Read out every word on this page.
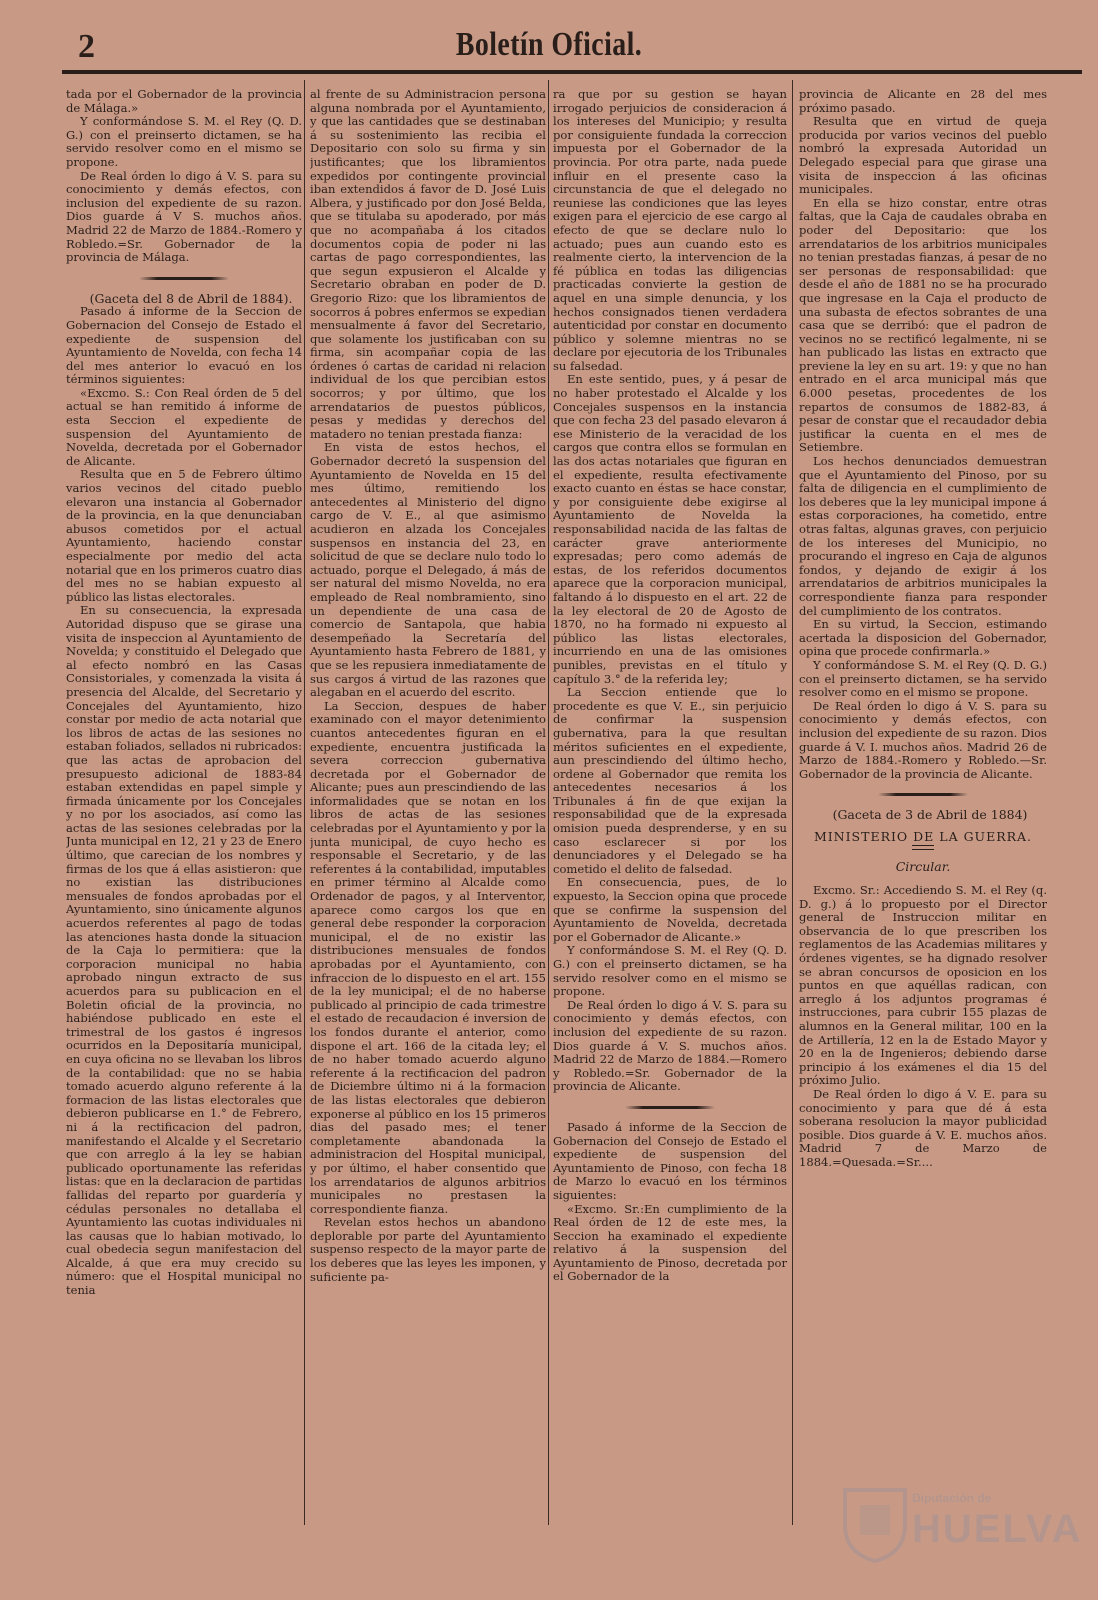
2	Boletín Oficial.

tada por el Gobernador de la provincia de Málaga.»

Y conformándose S. M. el Rey (Q. D. G.) con el preinserto dictamen, se ha servido resolver como en el mismo se propone.

De Real órden lo digo á V. S. para su conocimiento y demás efectos, con inclusion del expediente de su razon. Dios guarde á V S. muchos años. Madrid 22 de Marzo de 1884.-Romero y Robledo.=Sr. Gobernador de la provincia de Málaga.

(Gaceta del 8 de Abril de 1884).

Pasado á informe de la Seccion de Gobernacion del Consejo de Estado el expediente de suspension del Ayuntamiento de Novelda, con fecha 14 del mes anterior lo evacuó en los términos siguientes:

«Excmo. S.: Con Real órden de 5 del actual se han remitido á informe de esta Seccion el expediente de suspension del Ayuntamiento de Novelda, decretada por el Gobernador de Alicante.

Resulta que en 5 de Febrero último varios vecinos del citado pueblo elevaron una instancia al Gobernador de la provincia, en la que denunciaban abusos cometidos por el actual Ayuntamiento, haciendo constar especialmente por medio del acta notarial que en los primeros cuatro dias del mes no se habian expuesto al público las listas electorales.

En su consecuencia, la expresada Autoridad dispuso que se girase una visita de inspeccion al Ayuntamiento de Novelda; y constituido el Delegado que al efecto nombró en las Casas Consistoriales, y comenzada la visita á presencia del Alcalde, del Secretario y Concejales del Ayuntamiento, hizo constar por medio de acta notarial que los libros de actas de las sesiones no estaban foliados, sellados ni rubricados: que las actas de aprobacion del presupuesto adicional de 1883-84 estaban extendidas en papel simple y firmada únicamente por los Concejales y no por los asociados, así como las actas de las sesiones celebradas por la Junta municipal en 12, 21 y 23 de Enero último, que carecian de los nombres y firmas de los que á ellas asistieron: que no existian las distribuciones mensuales de fondos aprobadas por el Ayuntamiento, sino únicamente algunos acuerdos referentes al pago de todas las atenciones hasta donde la situacion de la Caja lo permitiera: que la corporacion municipal no habia aprobado ningun extracto de sus acuerdos para su publicacion en el Boletin oficial de la provincia, no habiéndose publicado en este el trimestral de los gastos é ingresos ocurridos en la Depositaría municipal, en cuya oficina no se llevaban los libros de la contabilidad: que no se habia tomado acuerdo alguno referente á la formacion de las listas electorales que debieron publicarse en 1.° de Febrero, ni á la rectificacion del padron, manifestando el Alcalde y el Secretario que con arreglo á la ley se habian publicado oportunamente las referidas listas: que en la declaracion de partidas fallidas del reparto por guardería y cédulas personales no detallaba el Ayuntamiento las cuotas individuales ni las causas que lo habian motivado, lo cual obedecia segun manifestacion del Alcalde, á que era muy crecido su número: que el Hospital municipal no tenia

al frente de su Administracion persona alguna nombrada por el Ayuntamiento, y que las cantidades que se destinaban á su sostenimiento las recibia el Depositario con solo su firma y sin justificantes; que los libramientos expedidos por contingente provincial iban extendidos á favor de D. José Luis Albera, y justificado por don José Belda, que se titulaba su apoderado, por más que no acompañaba á los citados documentos copia de poder ni las cartas de pago correspondientes, las que segun expusieron el Alcalde y Secretario obraban en poder de D. Gregorio Rizo: que los libramientos de socorros á pobres enfermos se expedian mensualmente á favor del Secretario, que solamente los justificaban con su firma, sin acompañar copia de las órdenes ó cartas de caridad ni relacion individual de los que percibian estos socorros; y por último, que los arrendatarios de puestos públicos, pesas y medidas y derechos del matadero no tenian prestada fianza:

En vista de estos hechos, el Gobernador decretó la suspension del Ayuntamiento de Novelda en 15 del mes último, remitiendo los antecedentes al Ministerio del digno cargo de V. E., al que asimismo acudieron en alzada los Concejales suspensos en instancia del 23, en solicitud de que se declare nulo todo lo actuado, porque el Delegado, á más de ser natural del mismo Novelda, no era empleado de Real nombramiento, sino un dependiente de una casa de comercio de Santapola, que habia desempeñado la Secretaría del Ayuntamiento hasta Febrero de 1881, y que se les repusiera inmediatamente de sus cargos á virtud de las razones que alegaban en el acuerdo del escrito.

La Seccion, despues de haber examinado con el mayor detenimiento cuantos antecedentes figuran en el expediente, encuentra justificada la severa correccion gubernativa decretada por el Gobernador de Alicante; pues aun prescindiendo de las informalidades que se notan en los libros de actas de las sesiones celebradas por el Ayuntamiento y por la junta municipal, de cuyo hecho es responsable el Secretario, y de las referentes á la contabilidad, imputables en primer término al Alcalde como Ordenador de pagos, y al Interventor, aparece como cargos los que en general debe responder la corporacion municipal, el de no existir las distribuciones mensuales de fondos aprobadas por el Ayuntamiento, con infraccion de lo dispuesto en el art. 155 de la ley municipal; el de no haberse publicado al principio de cada trimestre el estado de recaudacion é inversion de los fondos durante el anterior, como dispone el art. 166 de la citada ley; el de no haber tomado acuerdo alguno referente á la rectificacion del padron de Diciembre último ni á la formacion de las listas electorales que debieron exponerse al público en los 15 primeros dias del pasado mes; el tener completamente abandonada la administracion del Hospital municipal, y por último, el haber consentido que los arrendatarios de algunos arbitrios municipales no prestasen la correspondiente fianza.

Revelan estos hechos un abandono deplorable por parte del Ayuntamiento suspenso respecto de la mayor parte de los deberes que las leyes les imponen, y suficiente pa-

ra que por su gestion se hayan irrogado perjuicios de consideracion á los intereses del Municipio; y resulta por consiguiente fundada la correccion impuesta por el Gobernador de la provincia. Por otra parte, nada puede influir en el presente caso la circunstancia de que el delegado no reuniese las condiciones que las leyes exigen para el ejercicio de ese cargo al efecto de que se declare nulo lo actuado; pues aun cuando esto es realmente cierto, la intervencion de la fé pública en todas las diligencias practicadas convierte la gestion de aquel en una simple denuncia, y los hechos consignados tienen verdadera autenticidad por constar en documento público y solemne mientras no se declare por ejecutoria de los Tribunales su falsedad.

En este sentido, pues, y á pesar de no haber protestado el Alcalde y los Concejales suspensos en la instancia que con fecha 23 del pasado elevaron á ese Ministerio de la veracidad de los cargos que contra ellos se formulan en las dos actas notariales que figuran en el expediente, resulta efectivamente exacto cuanto en éstas se hace constar, y por consiguiente debe exigirse al Ayuntamiento de Novelda la responsabilidad nacida de las faltas de carácter grave anteriormente expresadas; pero como además de estas, de los referidos documentos aparece que la corporacion municipal, faltando á lo dispuesto en el art. 22 de la ley electoral de 20 de Agosto de 1870, no ha formado ni expuesto al público las listas electorales, incurriendo en una de las omisiones punibles, previstas en el título y capítulo 3.° de la referida ley;

La Seccion entiende que lo procedente es que V. E., sin perjuicio de confirmar la suspension gubernativa, para la que resultan méritos suficientes en el expediente, aun prescindiendo del último hecho, ordene al Gobernador que remita los antecedentes necesarios á los Tribunales á fin de que exijan la responsabilidad que de la expresada omision pueda desprenderse, y en su caso esclarecer si por los denunciadores y el Delegado se ha cometido el delito de falsedad.

En consecuencia, pues, de lo expuesto, la Seccion opina que procede que se confirme la suspension del Ayuntamiento de Novelda, decretada por el Gobernador de Alicante.»

Y conformándose S. M. el Rey (Q. D. G.) con el preinserto dictamen, se ha servido resolver como en el mismo se propone.

De Real órden lo digo á V. S. para su conocimiento y demás efectos, con inclusion del expediente de su razon. Dios guarde á V. S. muchos años. Madrid 22 de Marzo de 1884.—Romero y Robledo.=Sr. Gobernador de la provincia de Alicante.

Pasado á informe de la Seccion de Gobernacion del Consejo de Estado el expediente de suspension del Ayuntamiento de Pinoso, con fecha 18 de Marzo lo evacuó en los términos siguientes:

«Excmo. Sr.:En cumplimiento de la Real órden de 12 de este mes, la Seccion ha examinado el expediente relativo á la suspension del Ayuntamiento de Pinoso, decretada por el Gobernador de la

provincia de Alicante en 28 del mes próximo pasado.

Resulta que en virtud de queja producida por varios vecinos del pueblo nombró la expresada Autoridad un Delegado especial para que girase una visita de inspeccion á las oficinas municipales.

En ella se hizo constar, entre otras faltas, que la Caja de caudales obraba en poder del Depositario: que los arrendatarios de los arbitrios municipales no tenian prestadas fianzas, á pesar de no ser personas de responsabilidad: que desde el año de 1881 no se ha procurado que ingresase en la Caja el producto de una subasta de efectos sobrantes de una casa que se derribó: que el padron de vecinos no se rectificó legalmente, ni se han publicado las listas en extracto que previene la ley en su art. 19: y que no han entrado en el arca municipal más que 6.000 pesetas, procedentes de los repartos de consumos de 1882-83, á pesar de constar que el recaudador debia justificar la cuenta en el mes de Setiembre.

Los hechos denunciados demuestran que el Ayuntamiento del Pinoso, por su falta de diligencia en el cumplimiento de los deberes que la ley municipal impone á estas corporaciones, ha cometido, entre otras faltas, algunas graves, con perjuicio de los intereses del Municipio, no procurando el ingreso en Caja de algunos fondos, y dejando de exigir á los arrendatarios de arbitrios municipales la correspondiente fianza para responder del cumplimiento de los contratos.

En su virtud, la Seccion, estimando acertada la disposicion del Gobernador, opina que procede confirmarla.»

Y conformándose S. M. el Rey (Q. D. G.) con el preinserto dictamen, se ha servido resolver como en el mismo se propone.

De Real órden lo digo á V. S. para su conocimiento y demás efectos, con inclusion del expediente de su razon. Dios guarde á V. I. muchos años. Madrid 26 de Marzo de 1884.-Romero y Robledo.—Sr. Gobernador de la provincia de Alicante.

(Gaceta de 3 de Abril de 1884)

MINISTERIO DE LA GUERRA.
Circular.

Excmo. Sr.: Accediendo S. M. el Rey (q. D. g.) á lo propuesto por el Director general de Instruccion militar en observancia de lo que prescriben los reglamentos de las Academias militares y órdenes vigentes, se ha dignado resolver se abran concursos de oposicion en los puntos en que aquéllas radican, con arreglo á los adjuntos programas é instrucciones, para cubrir 155 plazas de alumnos en la General militar, 100 en la de Artillería, 12 en la de Estado Mayor y 20 en la de Ingenieros; debiendo darse principio á los exámenes el dia 15 del próximo Julio.

De Real órden lo digo á V. E. para su conocimiento y para que dé á esta soberana resolucion la mayor publicidad posible. Dios guarde á V. E. muchos años. Madrid 7 de Marzo de 1884.=Quesada.=Sr....

Diputación de
HUELVA
